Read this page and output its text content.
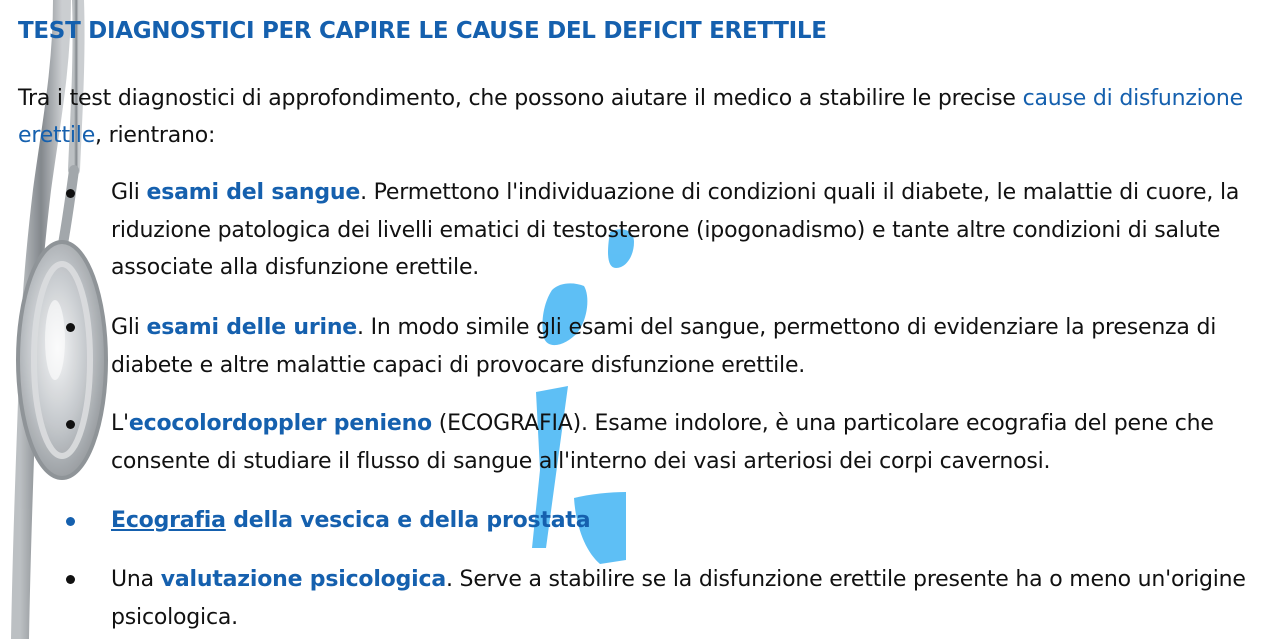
TEST DIAGNOSTICI PER CAPIRE LE CAUSE DEL DEFICIT ERETTILE

Tra i test diagnostici di approfondimento, che possono aiutare il medico a stabilire le precise cause di disfunzione erettile, rientrano:

Gli esami del sangue. Permettono l'individuazione di condizioni quali il diabete, le malattie di cuore, la riduzione patologica dei livelli ematici di testosterone (ipogonadismo) e tante altre condizioni di salute associate alla disfunzione erettile.

Gli esami delle urine. In modo simile gli esami del sangue, permettono di evidenziare la presenza di diabete e altre malattie capaci di provocare disfunzione erettile.

L'ecocolordoppler penieno (ECOGRAFIA). Esame indolore, è una particolare ecografia del pene che consente di studiare il flusso di sangue all'interno dei vasi arteriosi dei corpi cavernosi.

Ecografia della vescica e della prostata

Una valutazione psicologica. Serve a stabilire se la disfunzione erettile presente ha o meno un'origine psicologica.
